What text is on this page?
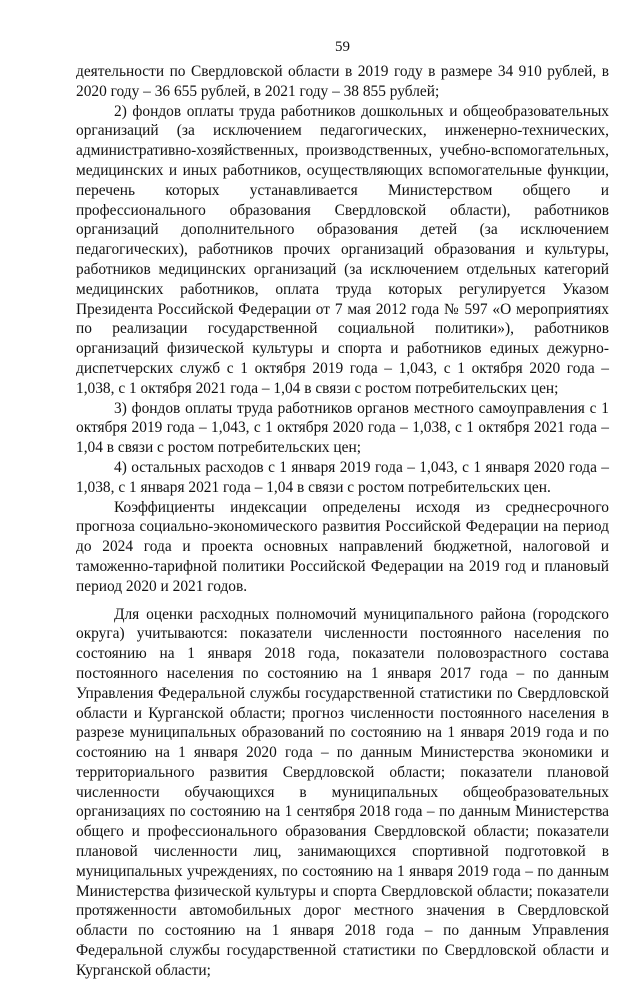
59

деятельности по Свердловской области в 2019 году в размере 34 910 рублей, в 2020 году – 36 655 рублей, в 2021 году – 38 855 рублей;

2) фондов оплаты труда работников дошкольных и общеобразовательных организаций (за исключением педагогических, инженерно-технических, административно-хозяйственных, производственных, учебно-вспомогательных, медицинских и иных работников, осуществляющих вспомогательные функции, перечень которых устанавливается Министерством общего и профессионального образования Свердловской области), работников организаций дополнительного образования детей (за исключением педагогических), работников прочих организаций образования и культуры, работников медицинских организаций (за исключением отдельных категорий медицинских работников, оплата труда которых регулируется Указом Президента Российской Федерации от 7 мая 2012 года № 597 «О мероприятиях по реализации государственной социальной политики»), работников организаций физической культуры и спорта и работников единых дежурно-диспетчерских служб с 1 октября 2019 года – 1,043, с 1 октября 2020 года – 1,038, с 1 октября 2021 года – 1,04 в связи с ростом потребительских цен;

3) фондов оплаты труда работников органов местного самоуправления с 1 октября 2019 года – 1,043, с 1 октября 2020 года – 1,038, с 1 октября 2021 года – 1,04 в связи с ростом потребительских цен;

4) остальных расходов с 1 января 2019 года – 1,043, с 1 января 2020 года – 1,038, с 1 января 2021 года – 1,04 в связи с ростом потребительских цен.

Коэффициенты индексации определены исходя из среднесрочного прогноза социально-экономического развития Российской Федерации на период до 2024 года и проекта основных направлений бюджетной, налоговой и таможенно-тарифной политики Российской Федерации на 2019 год и плановый период 2020 и 2021 годов.

Для оценки расходных полномочий муниципального района (городского округа) учитываются: показатели численности постоянного населения по состоянию на 1 января 2018 года, показатели половозрастного состава постоянного населения по состоянию на 1 января 2017 года – по данным Управления Федеральной службы государственной статистики по Свердловской области и Курганской области; прогноз численности постоянного населения в разрезе муниципальных образований по состоянию на 1 января 2019 года и по состоянию на 1 января 2020 года – по данным Министерства экономики и территориального развития Свердловской области; показатели плановой численности обучающихся в муниципальных общеобразовательных организациях по состоянию на 1 сентября 2018 года – по данным Министерства общего и профессионального образования Свердловской области; показатели плановой численности лиц, занимающихся спортивной подготовкой в муниципальных учреждениях, по состоянию на 1 января 2019 года – по данным Министерства физической культуры и спорта Свердловской области; показатели протяженности автомобильных дорог местного значения в Свердловской области по состоянию на 1 января 2018 года – по данным Управления Федеральной службы государственной статистики по Свердловской области и Курганской области;
